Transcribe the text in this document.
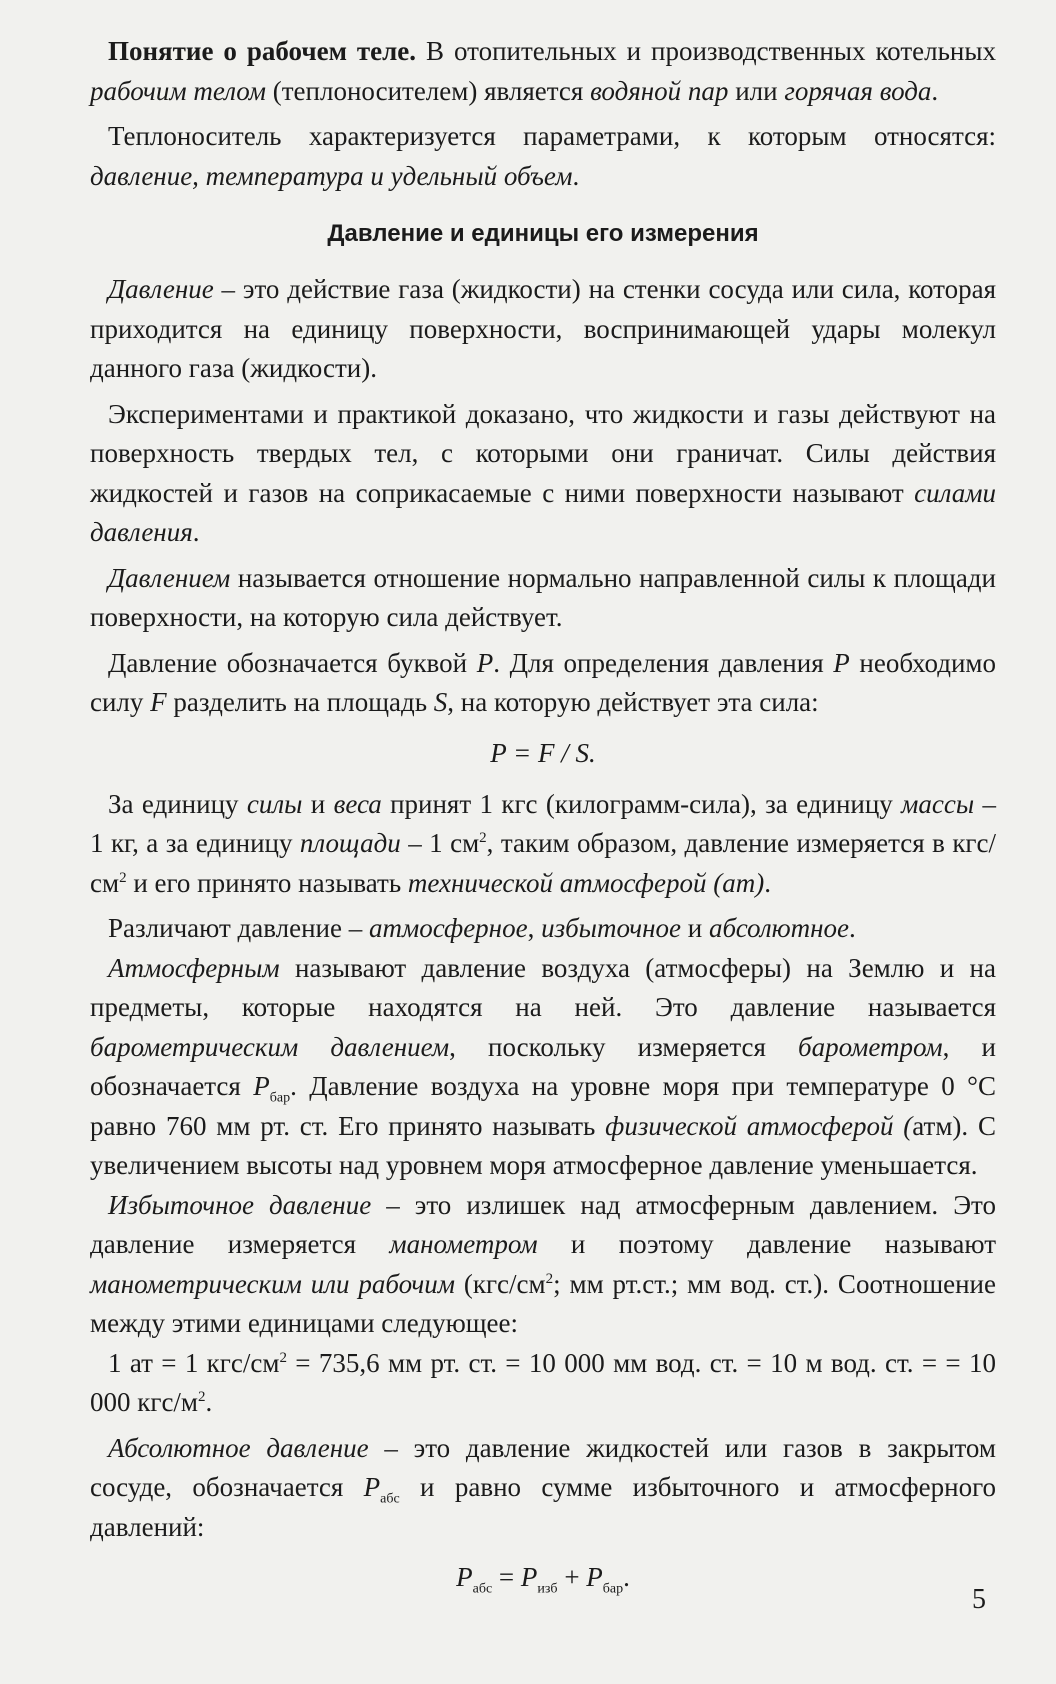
Понятие о рабочем теле. В отопительных и производственных котельных рабочим телом (теплоносителем) является водяной пар или горячая вода.

Теплоноситель характеризуется параметрами, к которым относятся: давление, температура и удельный объем.

Давление и единицы его измерения

Давление – это действие газа (жидкости) на стенки сосуда или сила, которая приходится на единицу поверхности, воспринимающей удары молекул данного газа (жидкости).

Экспериментами и практикой доказано, что жидкости и газы действуют на поверхность твердых тел, с которыми они граничат. Силы действия жидкостей и газов на соприкасаемые с ними поверхности называют силами давления.

Давлением называется отношение нормально направленной силы к площади поверхности, на которую сила действует.

Давление обозначается буквой Р. Для определения давления Р необходимо силу F разделить на площадь S, на которую действует эта сила:

P = F / S.

За единицу силы и веса принят 1 кгс (килограмм-сила), за единицу массы – 1 кг, а за единицу площади – 1 $см^2$, таким образом, давление измеряется в кгс/$см^2$ и его принято называть технической атмосферой (ат).

Различают давление – атмосферное, избыточное и абсолютное.

Атмосферным называют давление воздуха (атмосферы) на Землю и на предметы, которые находятся на ней. Это давление называется барометрическим давлением, поскольку измеряется барометром, и обозначается $Р_{бар}$. Давление воздуха на уровне моря при температуре 0 °С равно 760 мм рт. ст. Его принято называть физической атмосферой (атм). С увеличением высоты над уровнем моря атмосферное давление уменьшается.

Избыточное давление – это излишек над атмосферным давлением. Это давление измеряется манометром и поэтому давление называют манометрическим или рабочим ($кгс/см^2$; мм рт.ст.; мм вод. ст.). Соотношение между этими единицами следующее:

1 ат = 1 кгс/$см^2 = 735,6$ мм рт. ст. = 10 000 мм вод. ст. = 10 м вод. ст. = = 10 000 кгс/$м^2$.

Абсолютное давление – это давление жидкостей или газов в закрытом сосуде, обозначается $Р_{абс}$ и равно сумме избыточного и атмосферного давлений:

$Р_{абс} = Р_{изб} + Р_{бар}$.
5
